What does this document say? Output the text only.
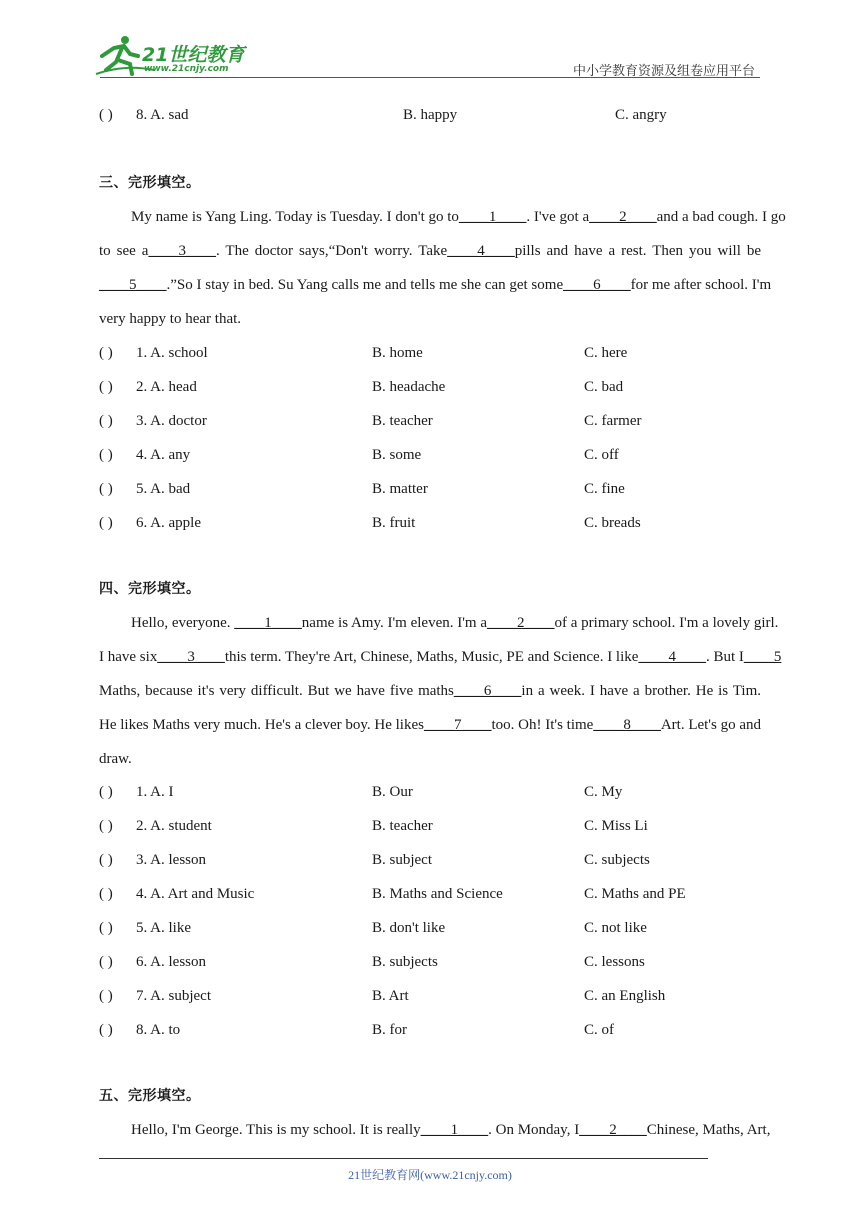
21世纪教育
www.21cnjy.com	中小学教育资源及组卷应用平台
( ) 8. A. sad	B. happy	C. angry
三、完形填空。
My name is Yang Ling. Today is Tuesday. I don't go to____1____. I've got a____2____and a bad cough. I go
to see a____3____. The doctor says,“Don't worry. Take____4____pills and have a rest. Then you will be
____5____.”So I stay in bed. Su Yang calls me and tells me she can get some____6____for me after school. I'm
very happy to hear that.
( ) 1. A. school	B. home	C. here
( ) 2. A. head	B. headache	C. bad
( ) 3. A. doctor	B. teacher	C. farmer
( ) 4. A. any	B. some	C. off
( ) 5. A. bad	B. matter	C. fine
( ) 6. A. apple	B. fruit	C. breads
四、完形填空。
Hello, everyone. ____1____name is Amy. I'm eleven. I'm a____2____of a primary school. I'm a lovely girl.
I have six____3____this term. They're Art, Chinese, Maths, Music, PE and Science. I like____4____. But I____5
Maths, because it's very difficult. But we have five maths____6____in a week. I have a brother. He is Tim.
He likes Maths very much. He's a clever boy. He likes____7____too. Oh! It's time____8____Art. Let's go and
draw.
( ) 1. A. I	B. Our	C. My
( ) 2. A. student	B. teacher	C. Miss Li
( ) 3. A. lesson	B. subject	C. subjects
( ) 4. A. Art and Music	B. Maths and Science	C. Maths and PE
( ) 5. A. like	B. don't like	C. not like
( ) 6. A. lesson	B. subjects	C. lessons
( ) 7. A. subject	B. Art	C. an English
( ) 8. A. to	B. for	C. of
五、完形填空。
Hello, I'm George. This is my school. It is really____1____. On Monday, I____2____Chinese, Maths, Art,
21世纪教育网(www.21cnjy.com)
